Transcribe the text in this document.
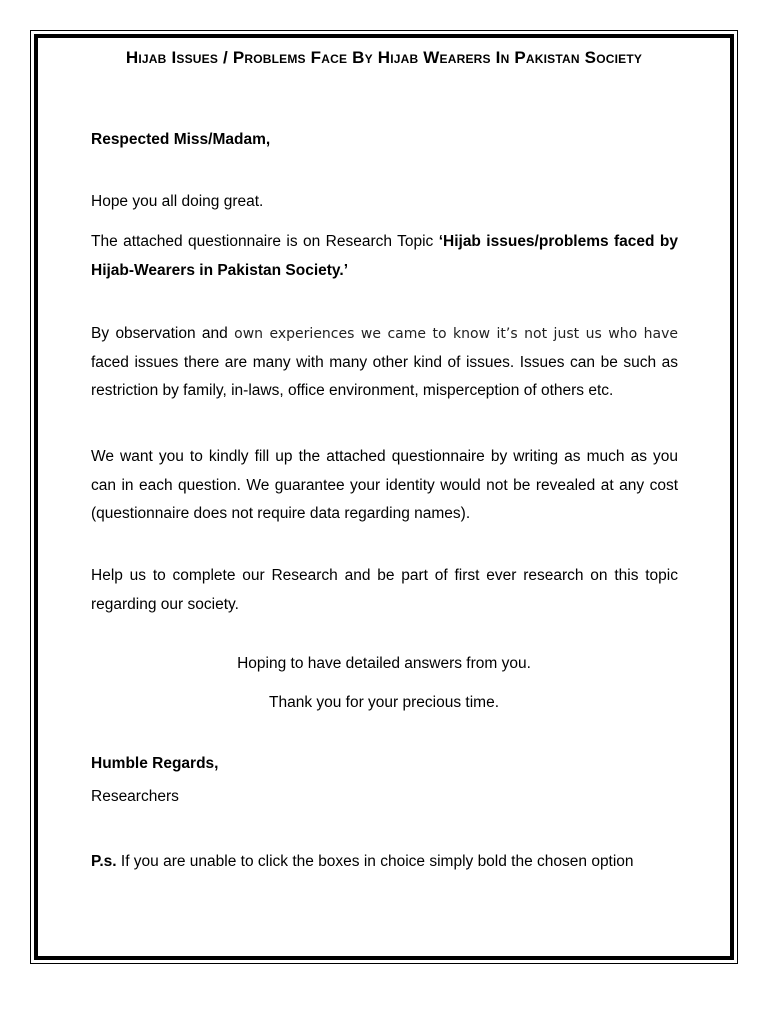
Hijab Issues / Problems Face By Hijab Wearers In Pakistan Society
Respected Miss/Madam,
Hope you all doing great.
The attached questionnaire is on Research Topic ‘Hijab issues/problems faced by Hijab-Wearers in Pakistan Society.’
By observation and own experiences we came to know it’s not just us who have faced issues there are many with many other kind of issues. Issues can be such as restriction by family, in-laws, office environment, misperception of others etc.
We want you to kindly fill up the attached questionnaire by writing as much as you can in each question. We guarantee your identity would not be revealed at any cost (questionnaire does not require data regarding names).
Help us to complete our Research and be part of first ever research on this topic regarding our society.
Hoping to have detailed answers from you.
Thank you for your precious time.
Humble Regards,
Researchers
P.s. If you are unable to click the boxes in choice simply bold the chosen option
